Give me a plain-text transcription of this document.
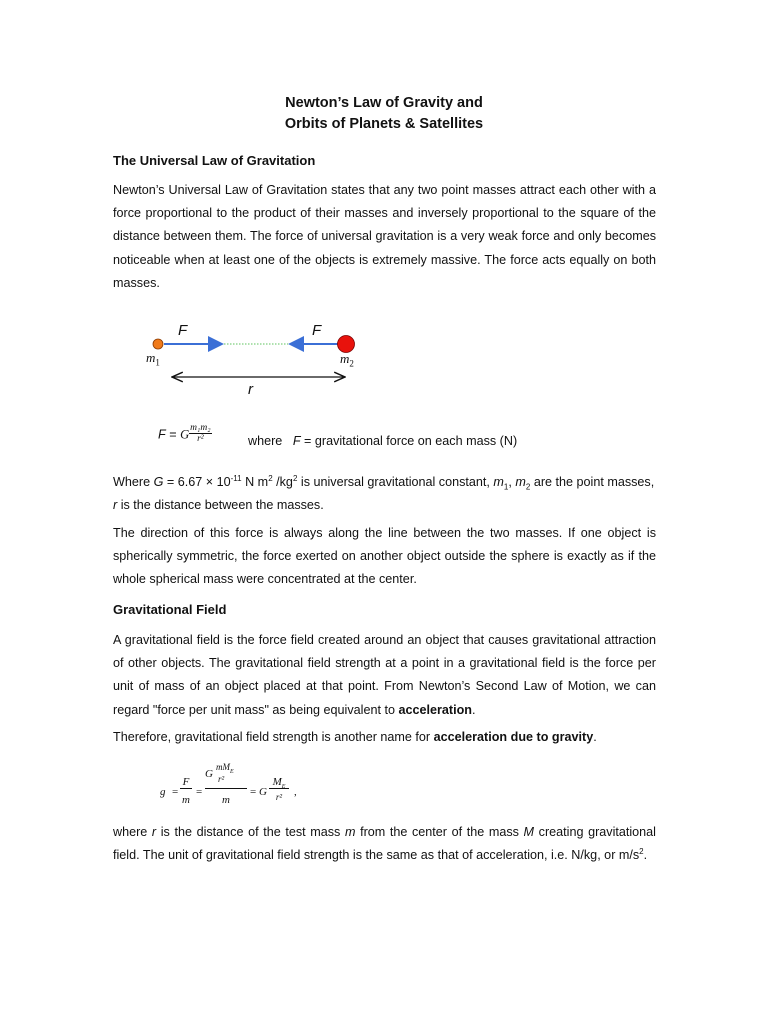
Newton’s Law of Gravity and
Orbits of Planets & Satellites
The Universal Law of Gravitation
Newton’s Universal Law of Gravitation states that any two point masses attract each other with a force proportional to the product of their masses and inversely proportional to the square of the distance between them. The force of universal gravitation is a very weak force and only becomes noticeable when at least one of the objects is extremely massive. The force acts equally on both masses.
F	F
$m_1$	$m_2$
r
F = G $\frac{\text{m₁m₂}}{\text{r²}}$	where F = gravitational force on each mass (N)
Where $G = 6.67 \times 10^{-11}$ N $m^2$ $/kg^2$ is universal gravitational constant, $m_1$, $m_2$ are the point masses,
r is the distance between the masses.
The direction of this force is always along the line between the two masses. If one object is spherically symmetric, the force exerted on another object outside the sphere is exactly as if the whole spherical mass were concentrated at the center.
Gravitational Field
A gravitational field is the force field created around an object that causes gravitational attraction of other objects. The gravitational field strength at a point in a gravitational field is the force per unit of mass of an object placed at that point. From Newton’s Second Law of Motion, we can regard "force per unit mass" as being equivalent to acceleration.
Therefore, gravitational field strength is another name for acceleration due to gravity.
g =
F
m
=
G
$mM_E$
r²
m
= G
$M_E$
r²	,
where r is the distance of the test mass m from the center of the mass M creating gravitational field. The unit of gravitational field strength is the same as that of acceleration, i.e. N/kg, or $m/s^2$.
